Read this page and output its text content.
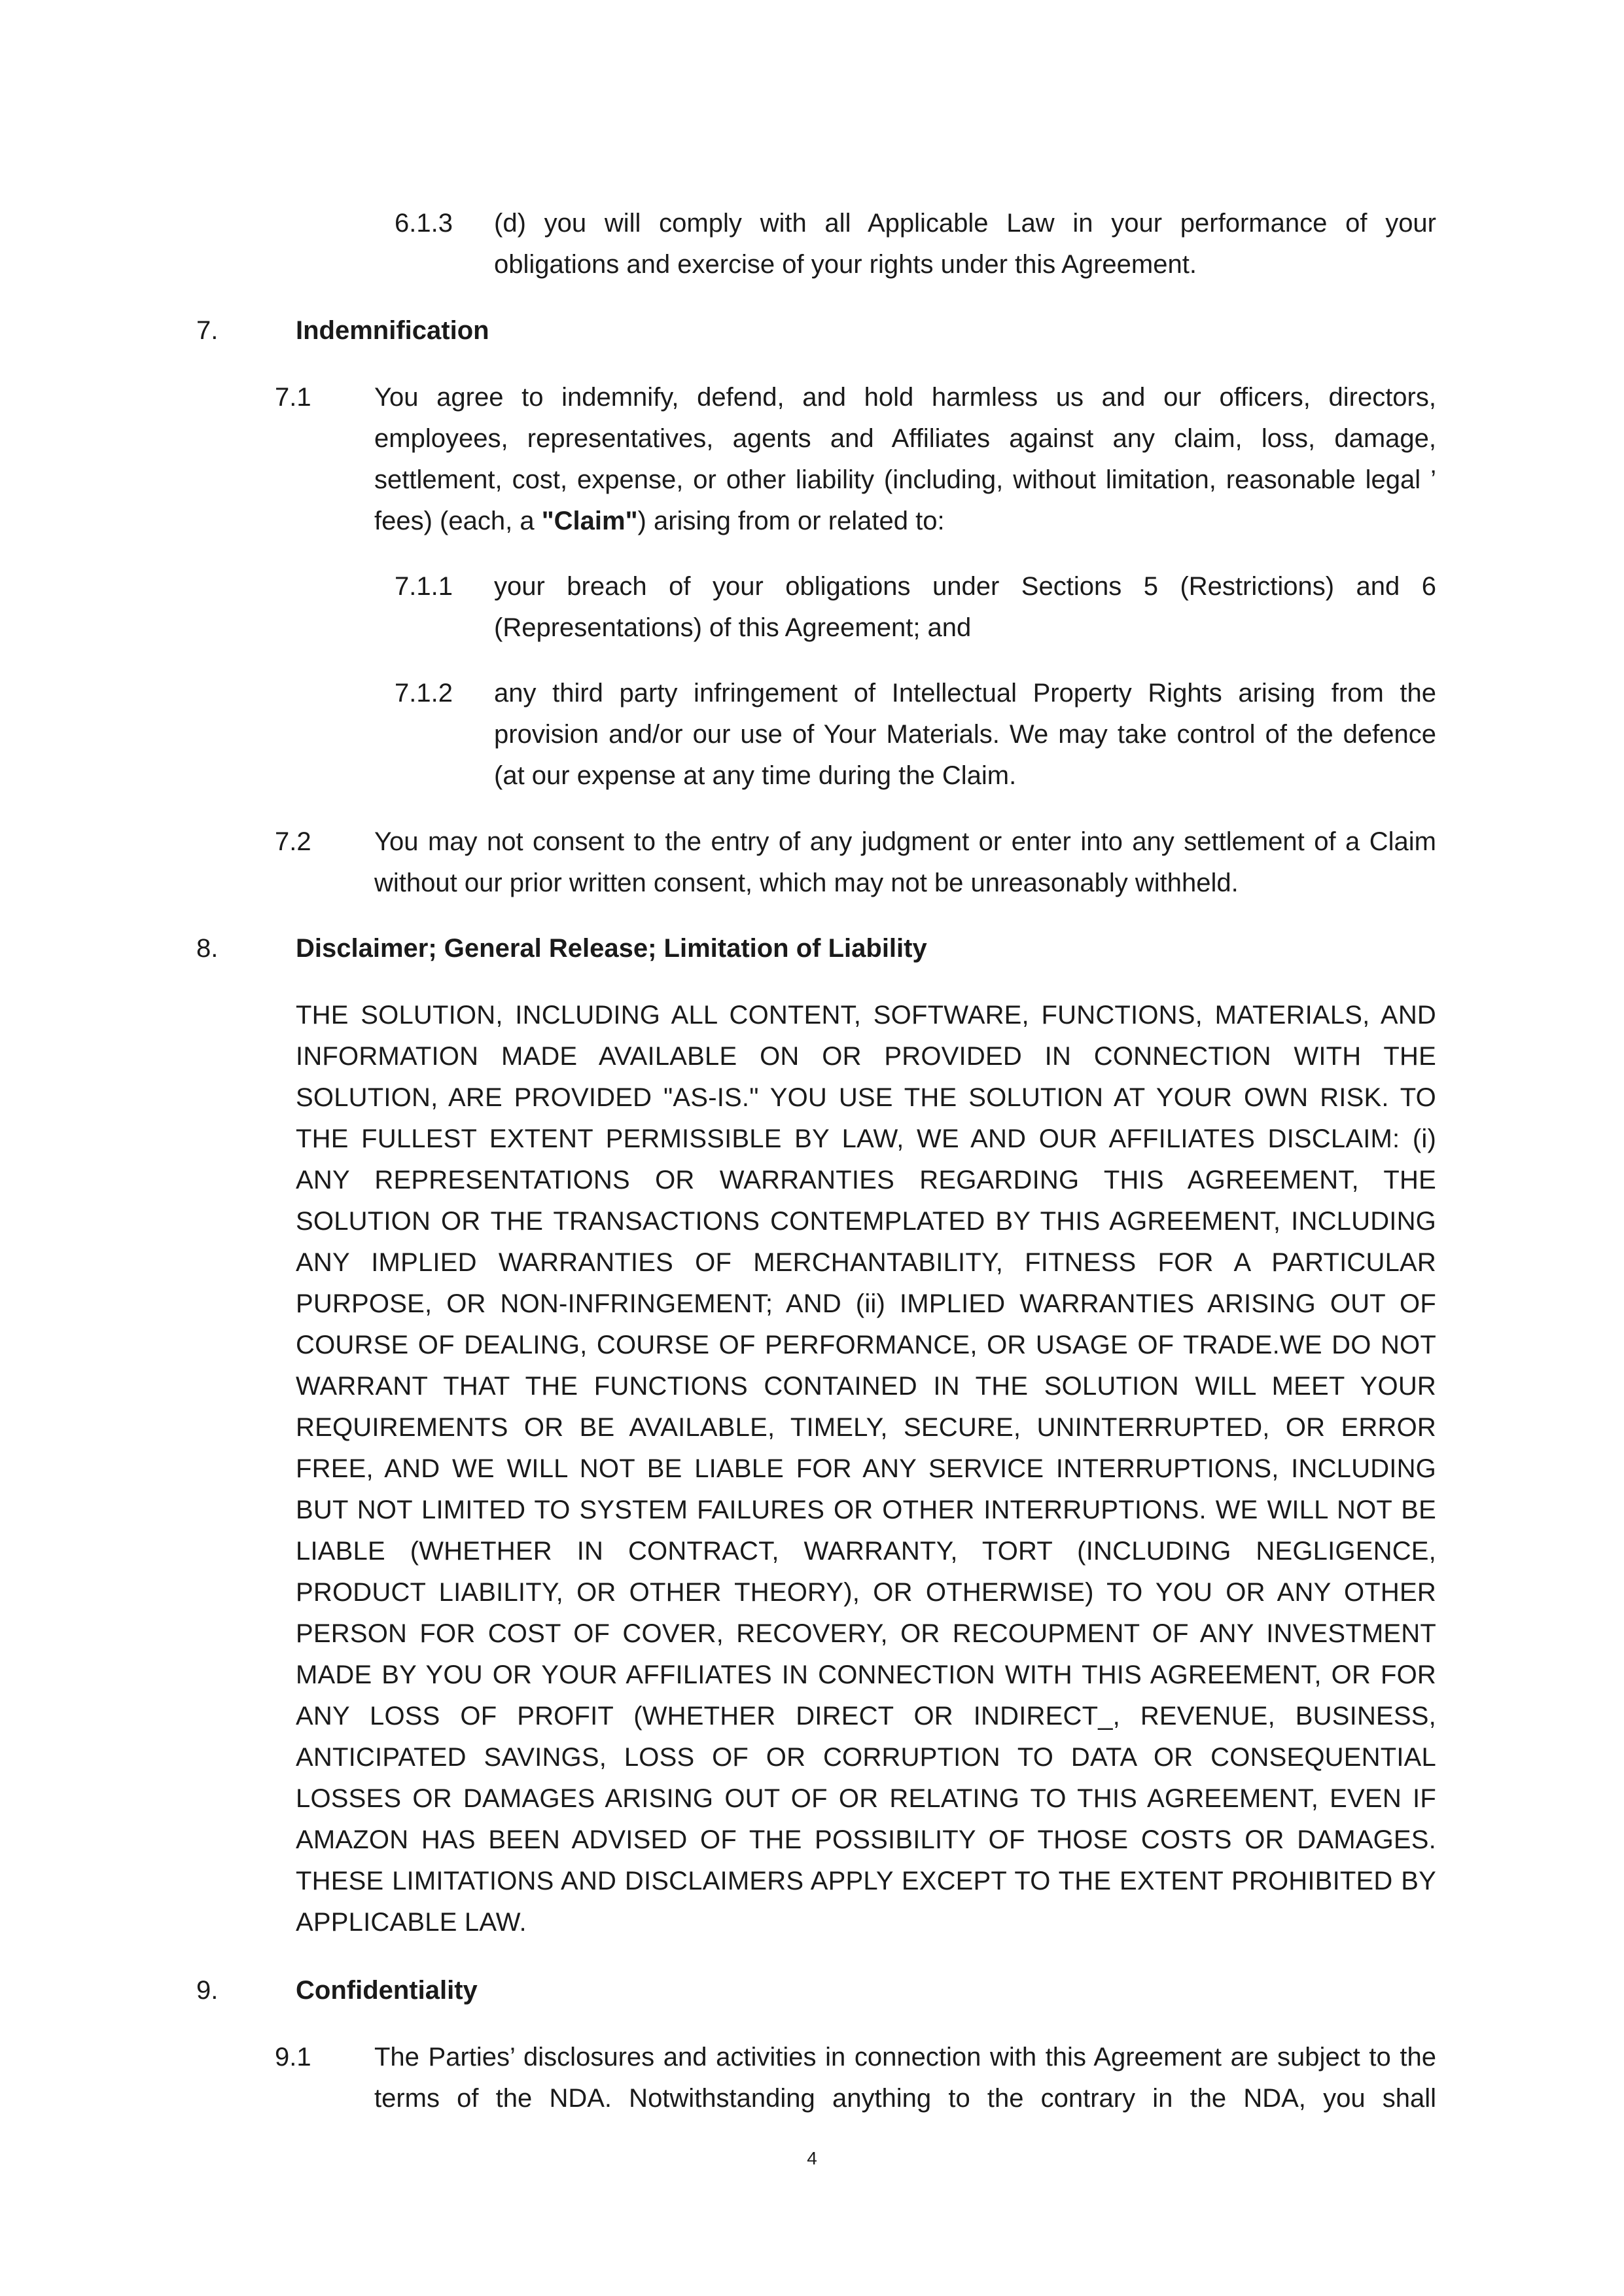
6.1.3 (d) you will comply with all Applicable Law in your performance of your obligations and exercise of your rights under this Agreement.
7.	Indemnification
7.1 You agree to indemnify, defend, and hold harmless us and our officers, directors, employees, representatives, agents and Affiliates against any claim, loss, damage, settlement, cost, expense, or other liability (including, without limitation, reasonable legal ’ fees) (each, a "Claim") arising from or related to:
7.1.1 your breach of your obligations under Sections 5 (Restrictions) and 6 (Representations) of this Agreement; and
7.1.2 any third party infringement of Intellectual Property Rights arising from the provision and/or our use of Your Materials. We may take control of the defence (at our expense at any time during the Claim.
7.2 You may not consent to the entry of any judgment or enter into any settlement of a Claim without our prior written consent, which may not be unreasonably withheld.
8.	Disclaimer; General Release; Limitation of Liability
THE SOLUTION, INCLUDING ALL CONTENT, SOFTWARE, FUNCTIONS, MATERIALS, AND INFORMATION MADE AVAILABLE ON OR PROVIDED IN CONNECTION WITH THE SOLUTION, ARE PROVIDED "AS-IS." YOU USE THE SOLUTION AT YOUR OWN RISK. TO THE FULLEST EXTENT PERMISSIBLE BY LAW, WE AND OUR AFFILIATES DISCLAIM: (i) ANY REPRESENTATIONS OR WARRANTIES REGARDING THIS AGREEMENT, THE SOLUTION OR THE TRANSACTIONS CONTEMPLATED BY THIS AGREEMENT, INCLUDING ANY IMPLIED WARRANTIES OF MERCHANTABILITY, FITNESS FOR A PARTICULAR PURPOSE, OR NON-INFRINGEMENT; AND (ii) IMPLIED WARRANTIES ARISING OUT OF COURSE OF DEALING, COURSE OF PERFORMANCE, OR USAGE OF TRADE.WE DO NOT WARRANT THAT THE FUNCTIONS CONTAINED IN THE SOLUTION WILL MEET YOUR REQUIREMENTS OR BE AVAILABLE, TIMELY, SECURE, UNINTERRUPTED, OR ERROR FREE, AND WE WILL NOT BE LIABLE FOR ANY SERVICE INTERRUPTIONS, INCLUDING BUT NOT LIMITED TO SYSTEM FAILURES OR OTHER INTERRUPTIONS. WE WILL NOT BE LIABLE (WHETHER IN CONTRACT, WARRANTY, TORT (INCLUDING NEGLIGENCE, PRODUCT LIABILITY, OR OTHER THEORY), OR OTHERWISE) TO YOU OR ANY OTHER PERSON FOR COST OF COVER, RECOVERY, OR RECOUPMENT OF ANY INVESTMENT MADE BY YOU OR YOUR AFFILIATES IN CONNECTION WITH THIS AGREEMENT, OR FOR ANY LOSS OF PROFIT (WHETHER DIRECT OR INDIRECT_, REVENUE, BUSINESS, ANTICIPATED SAVINGS, LOSS OF OR CORRUPTION TO DATA OR CONSEQUENTIAL LOSSES OR DAMAGES ARISING OUT OF OR RELATING TO THIS AGREEMENT, EVEN IF AMAZON HAS BEEN ADVISED OF THE POSSIBILITY OF THOSE COSTS OR DAMAGES. THESE LIMITATIONS AND DISCLAIMERS APPLY EXCEPT TO THE EXTENT PROHIBITED BY APPLICABLE LAW.
9.	Confidentiality
9.1 The Parties’ disclosures and activities in connection with this Agreement are subject to the terms of the NDA. Notwithstanding anything to the contrary in the NDA, you shall
4
